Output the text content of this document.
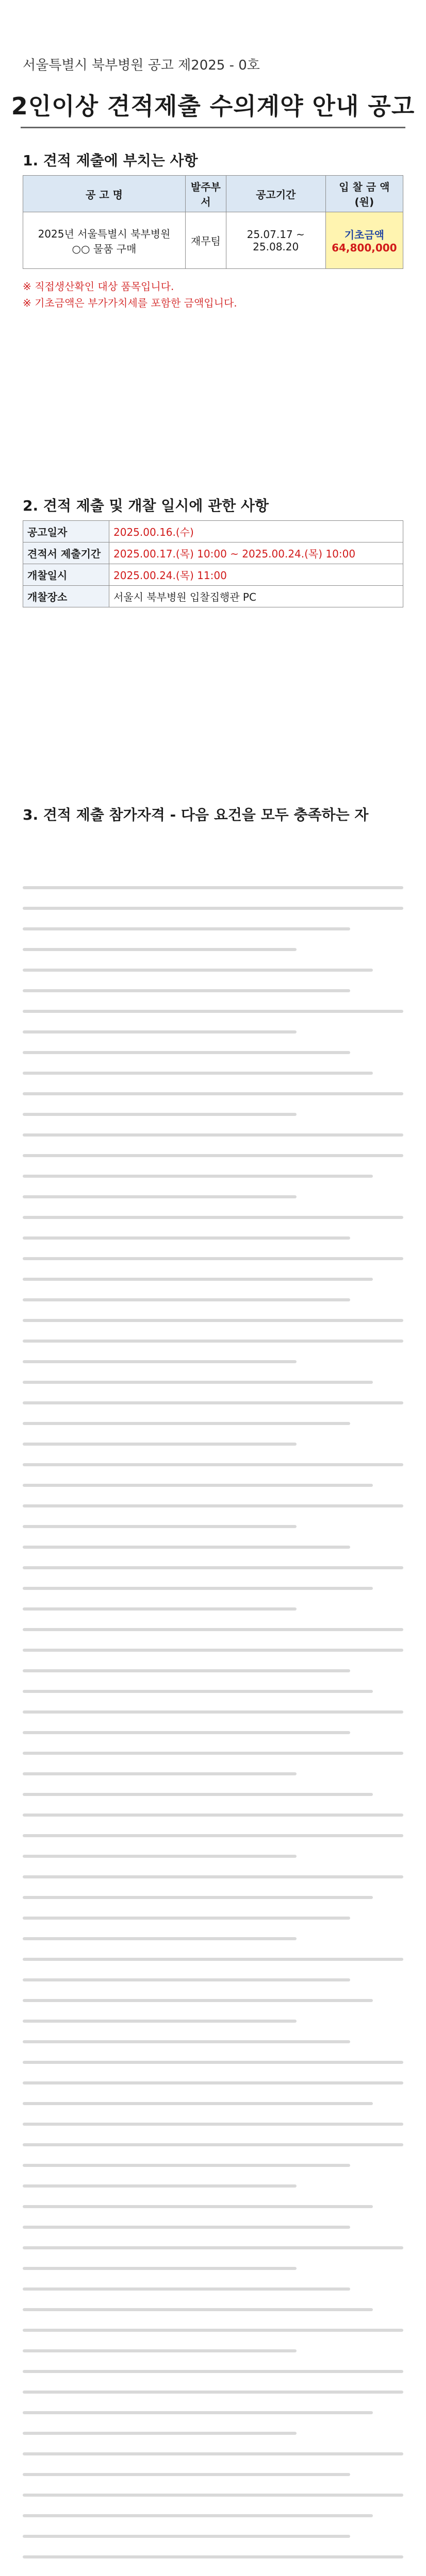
서울특별시 북부병원 공고 제2025 - 0호
2인이상 견적제출 수의계약 안내 공고
1. 견적 제출에 부치는 사항
공 고 명	발주부서	공고기간	입 찰 금 액(원)
2025년 서울특별시 북부병원 ○○ 물품 구매	재무팀	25.07.17 ~ 25.08.20	기초금액
64,800,000
※ 직접생산확인 대상 품목입니다.
※ 기초금액은 부가가치세를 포함한 금액입니다.
2. 견적 제출 및 개찰 일시에 관한 사항
공고일자	2025.00.16.(수)
견적서 제출기간	2025.00.17.(목) 10:00 ~ 2025.00.24.(목) 10:00
개찰일시	2025.00.24.(목) 11:00
개찰장소	서울시 북부병원 입찰집행관 PC
3. 견적 제출 참가자격 - 다음 요건을 모두 충족하는 자
